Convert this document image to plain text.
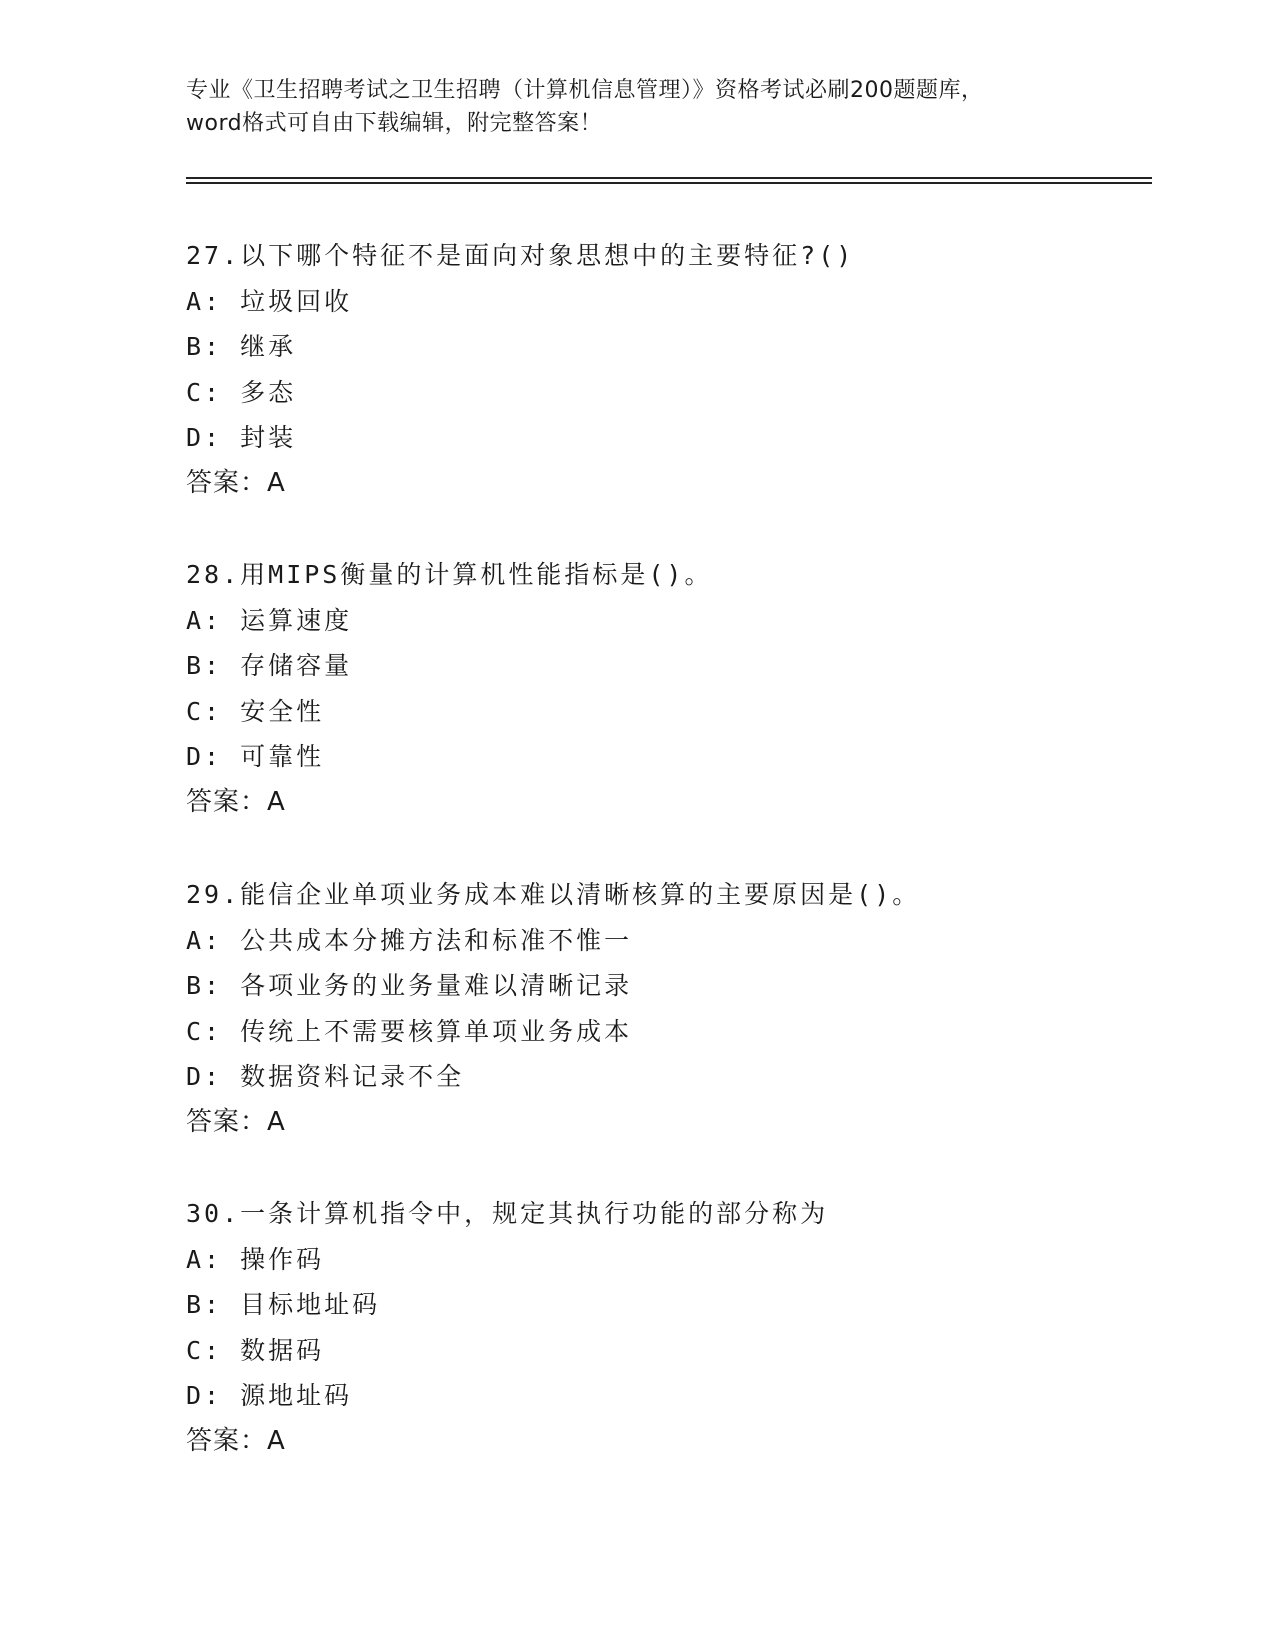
专业《卫生招聘考试之卫生招聘（计算机信息管理）》资格考试必刷200题题库，
word格式可自由下载编辑，附完整答案！
27.以下哪个特征不是面向对象思想中的主要特征?()
A: 垃圾回收
B: 继承
C: 多态
D: 封装
答案：A
28.用MIPS衡量的计算机性能指标是()。
A: 运算速度
B: 存储容量
C: 安全性
D: 可靠性
答案：A
29.能信企业单项业务成本难以清晰核算的主要原因是()。
A: 公共成本分摊方法和标准不惟一
B: 各项业务的业务量难以清晰记录
C: 传统上不需要核算单项业务成本
D: 数据资料记录不全
答案：A
30.一条计算机指令中，规定其执行功能的部分称为
A: 操作码
B: 目标地址码
C: 数据码
D: 源地址码
答案：A
